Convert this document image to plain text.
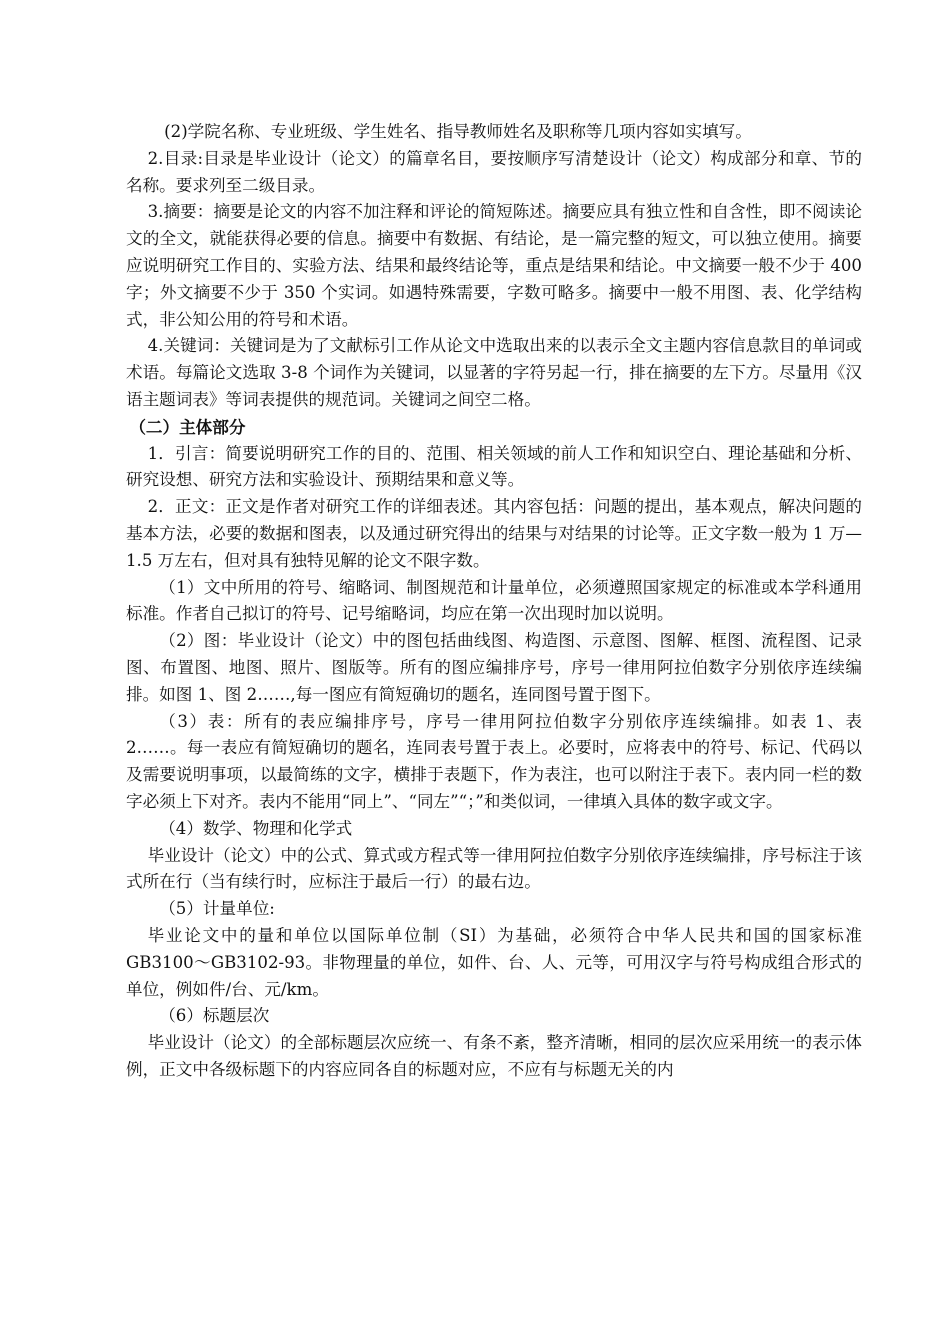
(2)学院名称、专业班级、学生姓名、指导教师姓名及职称等几项内容如实填写。

2.目录:目录是毕业设计（论文）的篇章名目，要按顺序写清楚设计（论文）构成部分和章、节的名称。要求列至二级目录。

3.摘要：摘要是论文的内容不加注释和评论的简短陈述。摘要应具有独立性和自含性，即不阅读论文的全文，就能获得必要的信息。摘要中有数据、有结论，是一篇完整的短文，可以独立使用。摘要应说明研究工作目的、实验方法、结果和最终结论等，重点是结果和结论。中文摘要一般不少于 400 字；外文摘要不少于 350 个实词。如遇特殊需要，字数可略多。摘要中一般不用图、表、化学结构式，非公知公用的符号和术语。

4.关键词：关键词是为了文献标引工作从论文中选取出来的以表示全文主题内容信息款目的单词或术语。每篇论文选取 3-8 个词作为关键词，以显著的字符另起一行，排在摘要的左下方。尽量用《汉语主题词表》等词表提供的规范词。关键词之间空二格。

（二）主体部分

1．引言：简要说明研究工作的目的、范围、相关领域的前人工作和知识空白、理论基础和分析、研究设想、研究方法和实验设计、预期结果和意义等。

2．正文：正文是作者对研究工作的详细表述。其内容包括：问题的提出，基本观点，解决问题的基本方法，必要的数据和图表，以及通过研究得出的结果与对结果的讨论等。正文字数一般为 1 万—1.5 万左右，但对具有独特见解的论文不限字数。

（1）文中所用的符号、缩略词、制图规范和计量单位，必须遵照国家规定的标准或本学科通用标准。作者自己拟订的符号、记号缩略词，均应在第一次出现时加以说明。

（2）图：毕业设计（论文）中的图包括曲线图、构造图、示意图、图解、框图、流程图、记录图、布置图、地图、照片、图版等。所有的图应编排序号，序号一律用阿拉伯数字分别依序连续编排。如图 1、图 2……,每一图应有简短确切的题名，连同图号置于图下。

（3）表：所有的表应编排序号，序号一律用阿拉伯数字分别依序连续编排。如表 1、表 2……。每一表应有简短确切的题名，连同表号置于表上。必要时，应将表中的符号、标记、代码以及需要说明事项，以最简练的文字，横排于表题下，作为表注，也可以附注于表下。表内同一栏的数字必须上下对齐。表内不能用“同上”、“同左”“；”和类似词，一律填入具体的数字或文字。

（4）数学、物理和化学式

毕业设计（论文）中的公式、算式或方程式等一律用阿拉伯数字分别依序连续编排，序号标注于该式所在行（当有续行时，应标注于最后一行）的最右边。

（5）计量单位:

毕业论文中的量和单位以国际单位制（SI）为基础，必须符合中华人民共和国的国家标准 GB3100～GB3102-93。非物理量的单位，如件、台、人、元等，可用汉字与符号构成组合形式的单位，例如件/台、元/km。

（6）标题层次

毕业设计（论文）的全部标题层次应统一、有条不紊，整齐清晰，相同的层次应采用统一的表示体例，正文中各级标题下的内容应同各自的标题对应，不应有与标题无关的内
